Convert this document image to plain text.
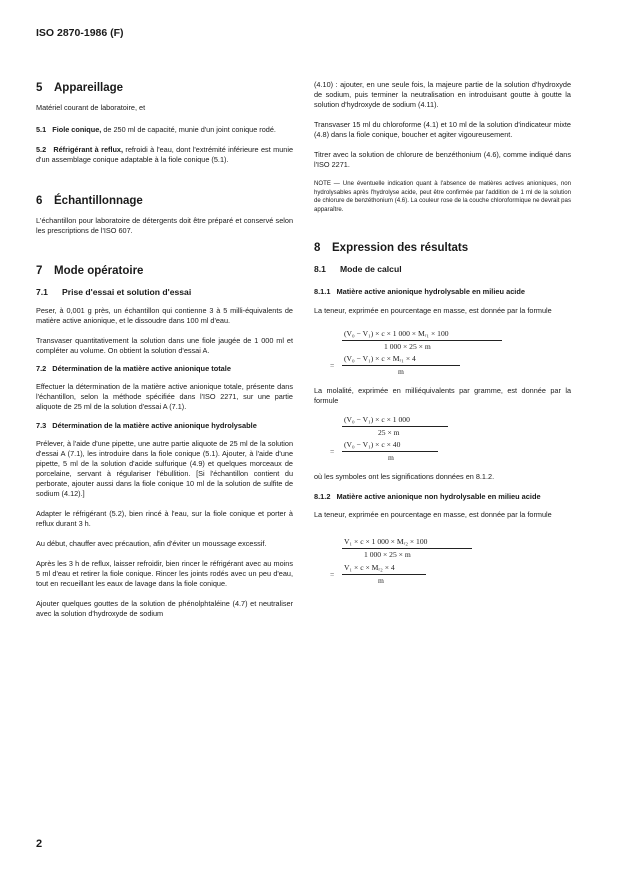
ISO 2870-1986 (F)
5 Appareillage

Matériel courant de laboratoire, et

5.1 Fiole conique, de 250 ml de capacité, munie d'un joint conique rodé.

5.2 Réfrigérant à reflux, refroidi à l'eau, dont l'extrémité inférieure est munie d'un assemblage conique adaptable à la fiole conique (5.1).

6 Échantillonnage

L'échantillon pour laboratoire de détergents doit être préparé et conservé selon les prescriptions de l'ISO 607.

7 Mode opératoire
7.1 Prise d'essai et solution d'essai

Peser, à 0,001 g près, un échantillon qui contienne 3 à 5 milli-équivalents de matière active anionique, et le dissoudre dans 100 ml d'eau.

Transvaser quantitativement la solution dans une fiole jaugée de 1 000 ml et compléter au volume. On obtient la solution d'essai A.

7.2 Détermination de la matière active anionique totale

Effectuer la détermination de la matière active anionique totale, présente dans l'échantillon, selon la méthode spécifiée dans l'ISO 2271, sur une partie aliquote de 25 ml de la solution d'essai A (7.1).

7.3 Détermination de la matière active anionique hydrolysable

Prélever, à l'aide d'une pipette, une autre partie aliquote de 25 ml de la solution d'essai A (7.1), les introduire dans la fiole conique (5.1). Ajouter, à l'aide d'une pipette, 5 ml de la solution d'acide sulfurique (4.9) et quelques morceaux de porcelaine, servant à régulariser l'ébullition. [Si l'échantillon contient du perborate, ajouter aussi dans la fiole conique 10 ml de la solution de sulfite de sodium (4.12).]

Adapter le réfrigérant (5.2), bien rincé à l'eau, sur la fiole conique et porter à reflux durant 3 h.

Au début, chauffer avec précaution, afin d'éviter un moussage excessif.

Après les 3 h de reflux, laisser refroidir, bien rincer le réfrigérant avec au moins 5 ml d'eau et retirer la fiole conique. Rincer les joints rodés avec un peu d'eau, tout en recueillant les eaux de lavage dans la fiole conique.

Ajouter quelques gouttes de la solution de phénolphtaléine (4.7) et neutraliser avec la solution d'hydroxyde de sodium

(4.10) : ajouter, en une seule fois, la majeure partie de la solution d'hydroxyde de sodium, puis terminer la neutralisation en introduisant goutte à goutte la solution d'hydroxyde de sodium (4.11).

Transvaser 15 ml du chloroforme (4.1) et 10 ml de la solution d'indicateur mixte (4.8) dans la fiole conique, boucher et agiter vigoureusement.

Titrer avec la solution de chlorure de benzéthonium (4.6), comme indiqué dans l'ISO 2271.

NOTE — Une éventuelle indication quant à l'absence de matières actives anioniques, non hydrolysables après l'hydrolyse acide, peut être confirmée par l'addition de 1 ml de la solution de chlorure de benzéthonium (4.6). La couleur rose de la couche chloroformique ne devrait pas apparaître.

8 Expression des résultats
8.1 Mode de calcul
8.1.1 Matière active anionique hydrolysable en milieu acide

La teneur, exprimée en pourcentage en masse, est donnée par la formule

(V₀ − V₁) × c × 1 000 × Mᵣ₁ × 100
1 000 × 25 × m
=
(V₀ − V₁) × c × Mᵣ₁ × 4
m

La molalité, exprimée en milliéquivalents par gramme, est donnée par la formule

(V₀ − V₁) × c × 1 000
25 × m
=
(V₀ − V₁) × c × 40
m

où les symboles ont les significations données en 8.1.2.

8.1.2 Matière active anionique non hydrolysable en milieu acide

La teneur, exprimée en pourcentage en masse, est donnée par la formule

V₁ × c × 1 000 × Mᵣ₂ × 100
1 000 × 25 × m
=
V₁ × c × Mᵣ₂ × 4
m
2
